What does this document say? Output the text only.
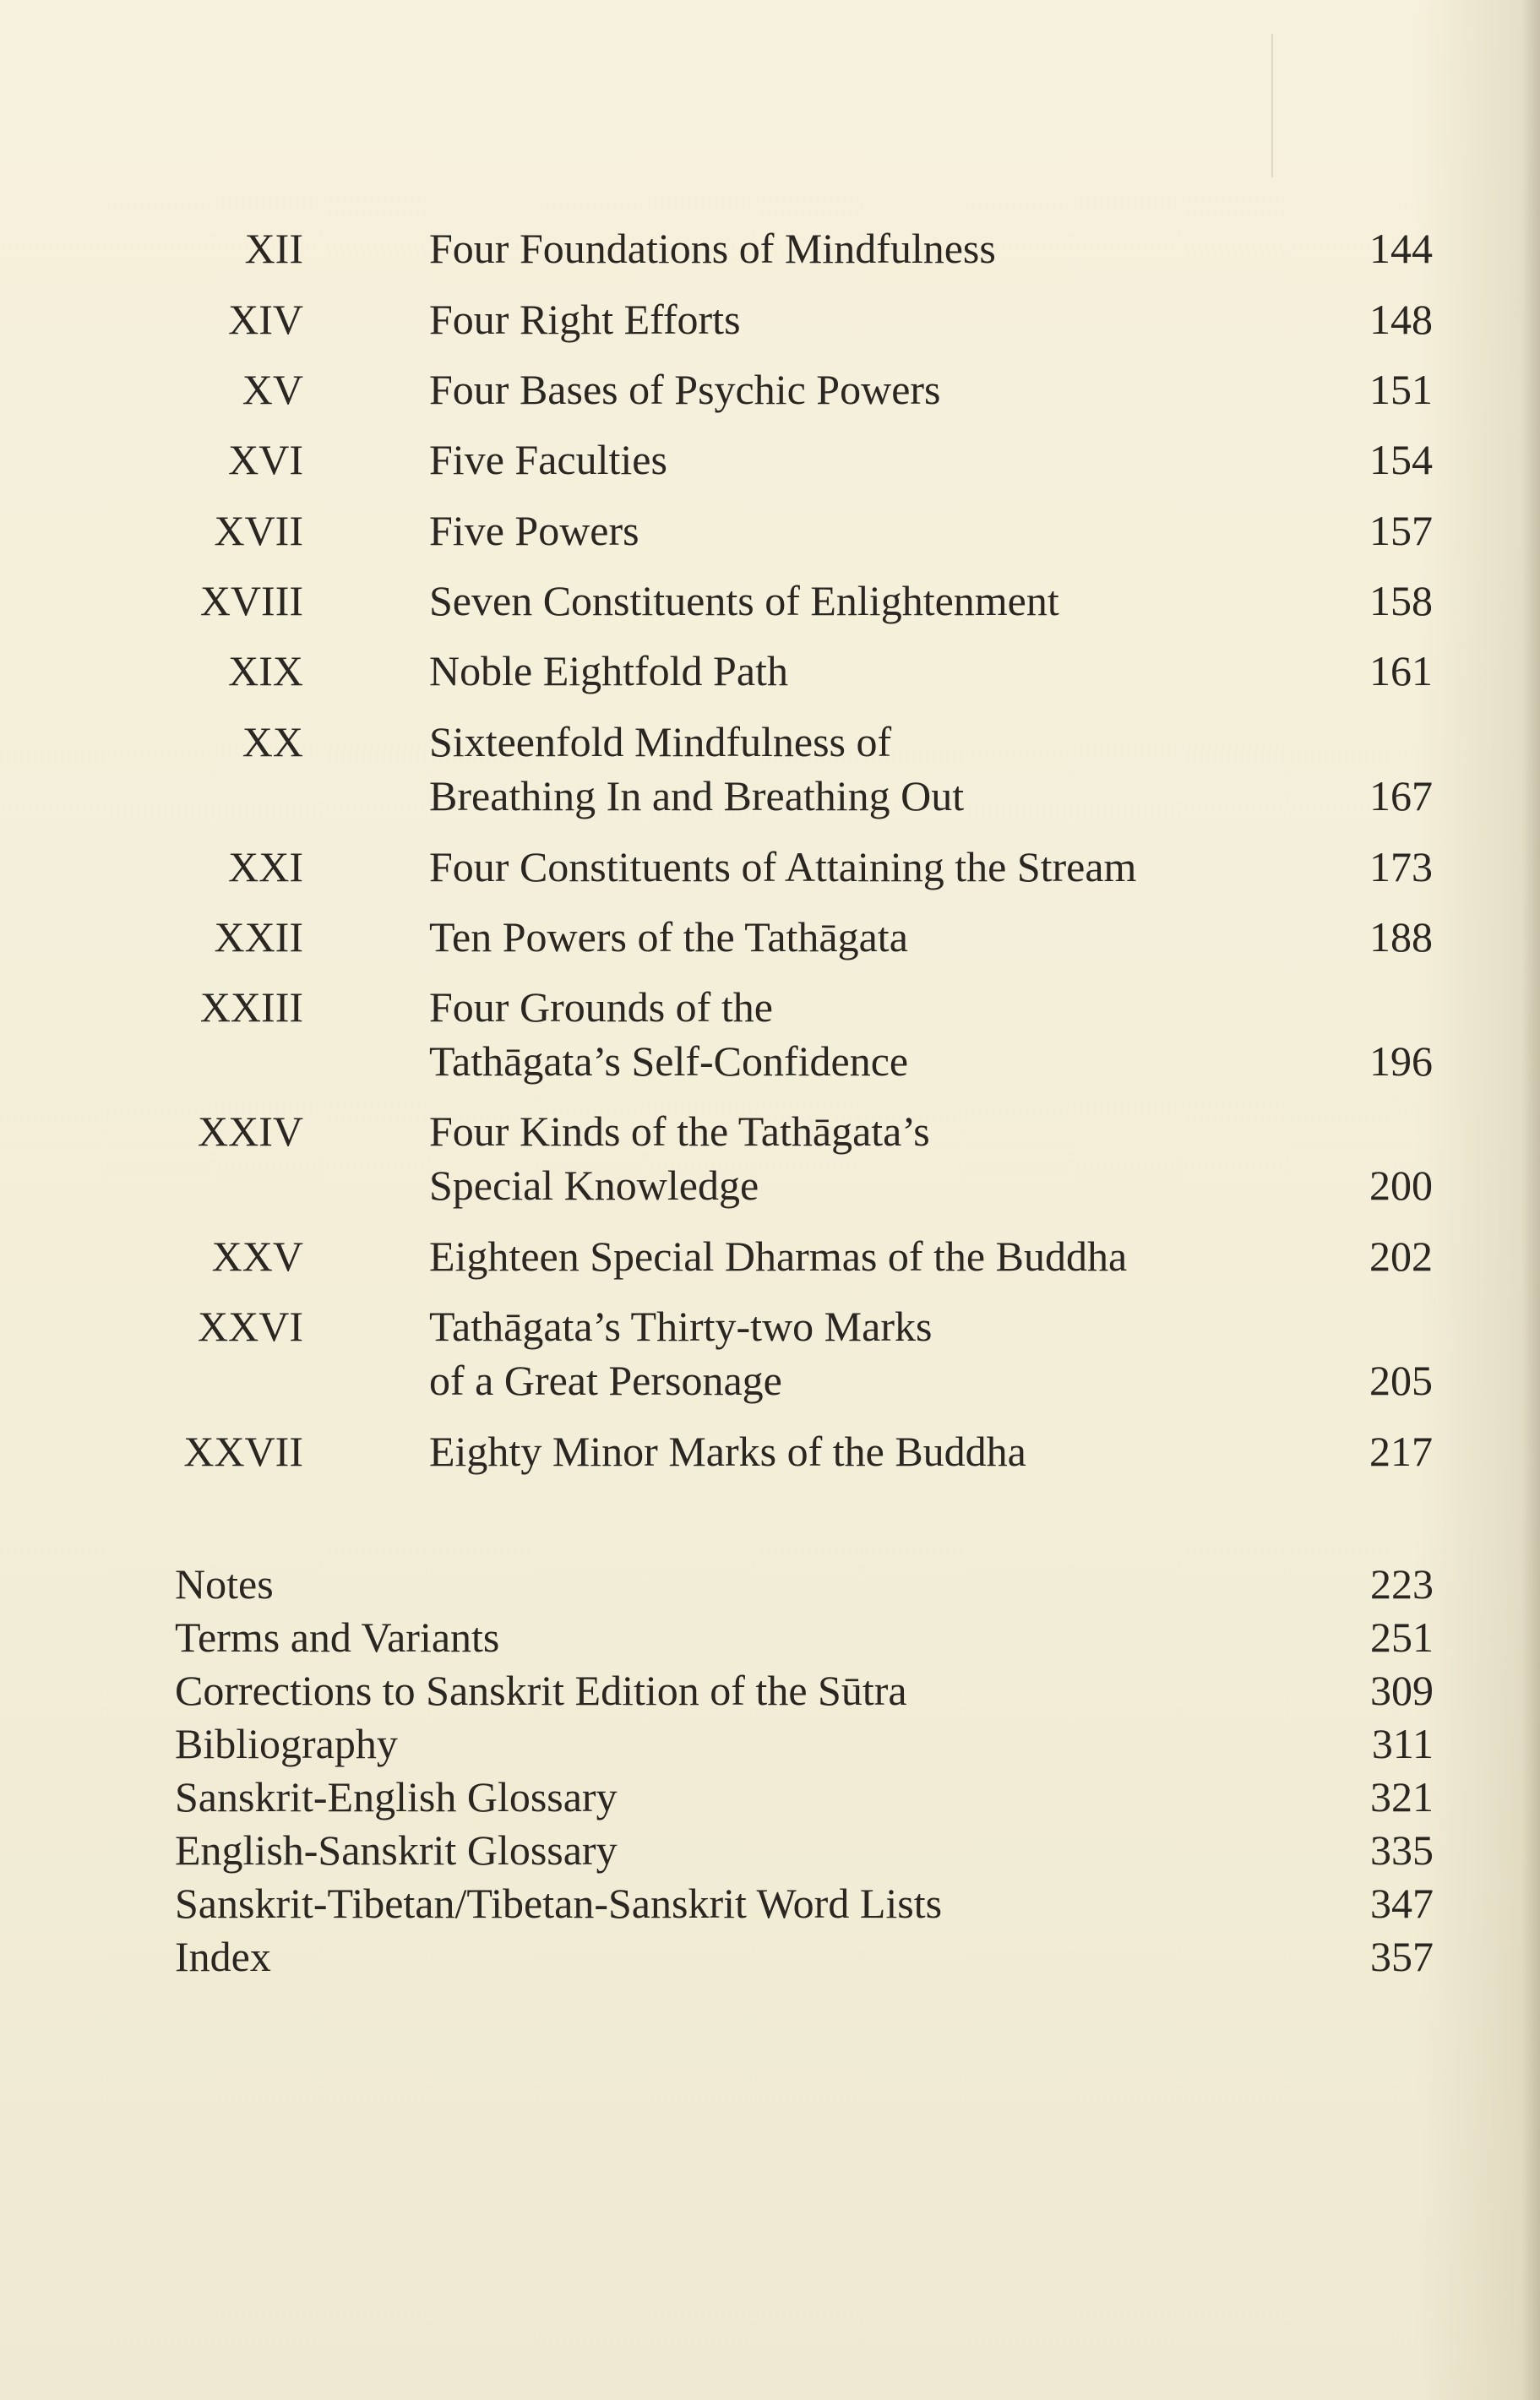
XII	Four Foundations of Mindfulness	144
XIV	Four Right Efforts	148
XV	Four Bases of Psychic Powers	151
XVI	Five Faculties	154
XVII	Five Powers	157
XVIII	Seven Constituents of Enlightenment	158
XIX	Noble Eightfold Path	161
XX	Sixteenfold Mindfulness of
Breathing In and Breathing Out	167
XXI	Four Constituents of Attaining the Stream	173
XXII	Ten Powers of the Tathāgata	188
XXIII	Four Grounds of the
Tathāgata’s Self-Confidence	196
XXIV	Four Kinds of the Tathāgata’s
Special Knowledge	200
XXV	Eighteen Special Dharmas of the Buddha	202
XXVI	Tathāgata’s Thirty-two Marks
of a Great Personage	205
XXVII	Eighty Minor Marks of the Buddha	217
Notes	223
Terms and Variants	251
Corrections to Sanskrit Edition of the Sūtra	309
Bibliography	311
Sanskrit-English Glossary	321
English-Sanskrit Glossary	335
Sanskrit-Tibetan/Tibetan-Sanskrit Word Lists	347
Index	357
